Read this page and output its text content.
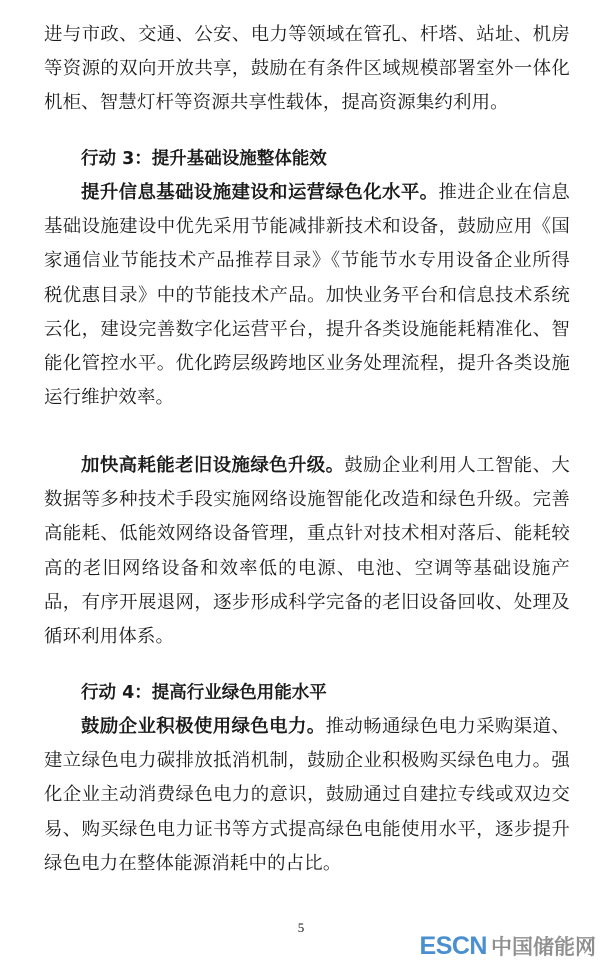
进与市政、交通、公安、电力等领域在管孔、杆塔、站址、机房等资源的双向开放共享，鼓励在有条件区域规模部署室外一体化机柜、智慧灯杆等资源共享性载体，提高资源集约利用。

行动 3：提升基础设施整体能效

提升信息基础设施建设和运营绿色化水平。推进企业在信息基础设施建设中优先采用节能减排新技术和设备，鼓励应用《国家通信业节能技术产品推荐目录》《节能节水专用设备企业所得税优惠目录》中的节能技术产品。加快业务平台和信息技术系统云化，建设完善数字化运营平台，提升各类设施能耗精准化、智能化管控水平。优化跨层级跨地区业务处理流程，提升各类设施运行维护效率。

加快高耗能老旧设施绿色升级。鼓励企业利用人工智能、大数据等多种技术手段实施网络设施智能化改造和绿色升级。完善高能耗、低能效网络设备管理，重点针对技术相对落后、能耗较高的老旧网络设备和效率低的电源、电池、空调等基础设施产品，有序开展退网，逐步形成科学完备的老旧设备回收、处理及循环利用体系。

行动 4：提高行业绿色用能水平

鼓励企业积极使用绿色电力。推动畅通绿色电力采购渠道、建立绿色电力碳排放抵消机制，鼓励企业积极购买绿色电力。强化企业主动消费绿色电力的意识，鼓励通过自建拉专线或双边交易、购买绿色电力证书等方式提高绿色电能使用水平，逐步提升绿色电力在整体能源消耗中的占比。

5
ESCN 中国储能网
